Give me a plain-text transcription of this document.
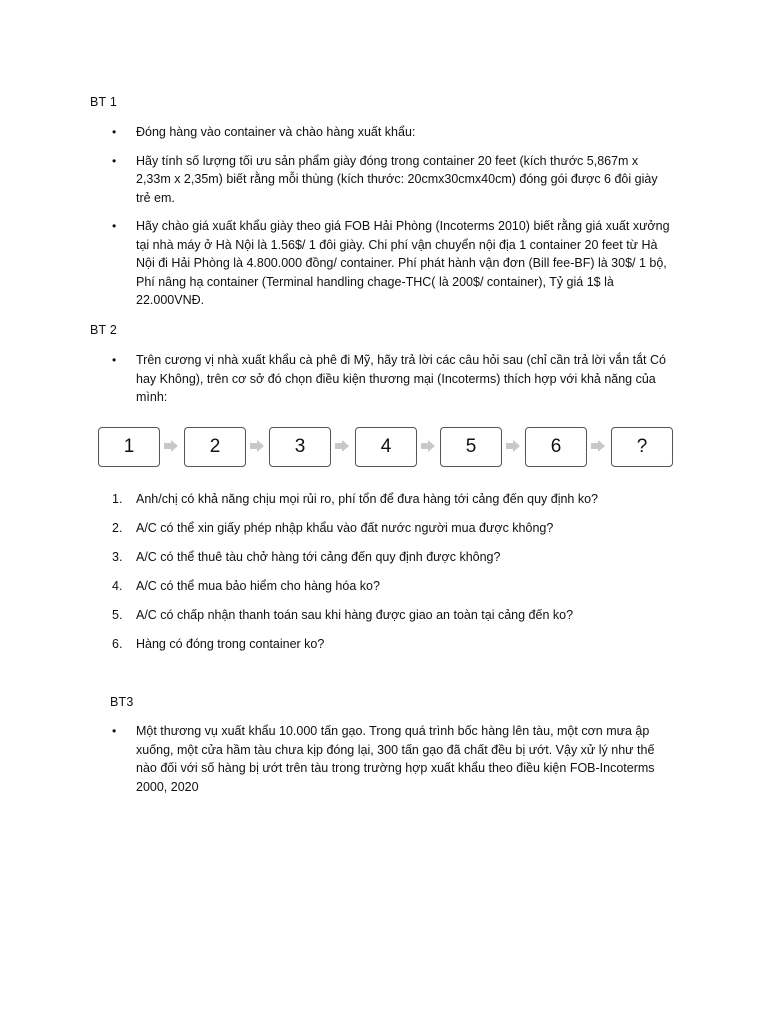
BT 1
• Đóng hàng vào container và chào hàng xuất khẩu:
• Hãy tính số lượng tối ưu sản phẩm giày đóng trong container 20 feet (kích thước 5,867m x 2,33m x 2,35m) biết rằng mỗi thùng (kích thước: 20cmx30cmx40cm) đóng gói được 6 đôi giày trẻ em.
• Hãy chào giá xuất khẩu giày theo giá FOB Hải Phòng (Incoterms 2010) biết rằng giá xuất xưởng tại nhà máy ở Hà Nội là 1.56$/ 1 đôi giày. Chi phí vận chuyển nội địa 1 container 20 feet từ Hà Nội đi Hải Phòng là 4.800.000 đồng/ container. Phí phát hành vận đơn (Bill fee-BF) là 30$/ 1 bộ, Phí nâng hạ container (Terminal handling chage-THC( là 200$/ container), Tỷ giá 1$ là 22.000VNĐ.
BT 2
• Trên cương vị nhà xuất khẩu cà phê đi Mỹ, hãy trả lời các câu hỏi sau (chỉ cần trả lời vắn tắt Có hay Không), trên cơ sở đó chọn điều kiện thương mại (Incoterms) thích hợp với khả năng của mình:
1	2	3	4	5	6	?
1. Anh/chị có khả năng chịu mọi rủi ro, phí tổn để đưa hàng tới cảng đến quy định ko?
2. A/C có thể xin giấy phép nhập khẩu vào đất nước người mua được không?
3. A/C có thể thuê tàu chở hàng tới cảng đến quy định được không?
4. A/C có thể mua bảo hiểm cho hàng hóa ko?
5. A/C có chấp nhận thanh toán sau khi hàng được giao an toàn tại cảng đến ko?
6. Hàng có đóng trong container ko?
BT3
• Một thương vụ xuất khẩu 10.000 tấn gạo. Trong quá trình bốc hàng lên tàu, một cơn mưa ập xuống, một cửa hầm tàu chưa kịp đóng lại, 300 tấn gạo đã chất đều bị ướt. Vậy xử lý như thế nào đối với số hàng bị ướt trên tàu trong trường hợp xuất khẩu theo điều kiện FOB-Incoterms 2000, 2020
